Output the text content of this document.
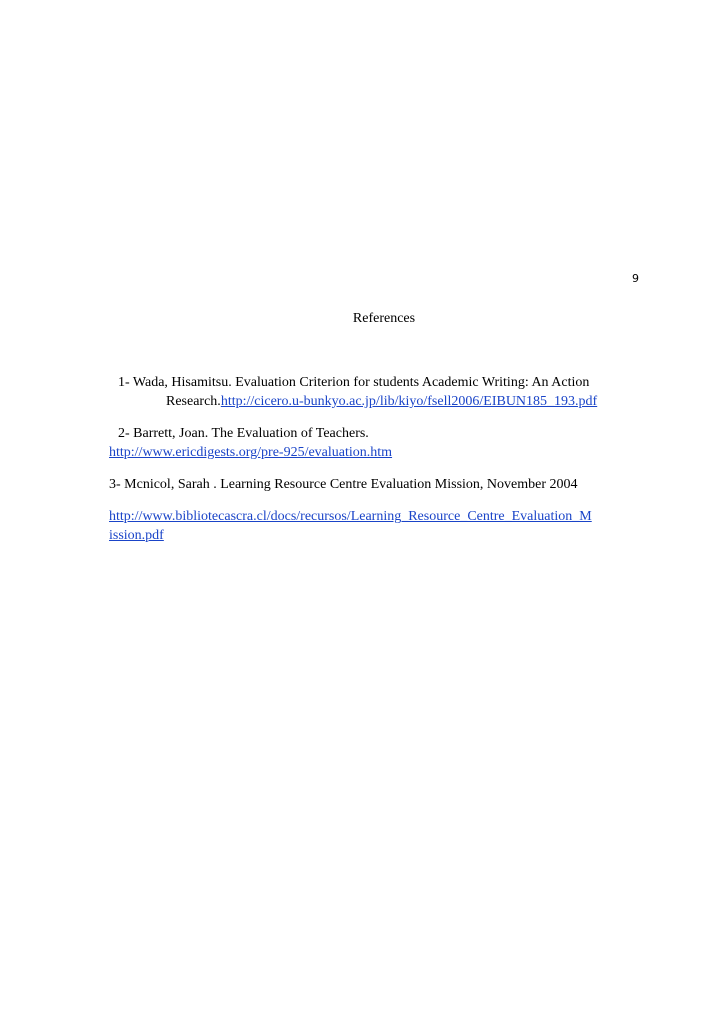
9
References
1- Wada, Hisamitsu. Evaluation Criterion for students Academic Writing: An Action
Research.http://cicero.u-bunkyo.ac.jp/lib/kiyo/fsell2006/EIBUN185_193.pdf
2- Barrett, Joan. The Evaluation of Teachers.
http://www.ericdigests.org/pre-925/evaluation.htm
3- Mcnicol, Sarah . Learning Resource Centre Evaluation Mission, November 2004
http://www.bibliotecascra.cl/docs/recursos/Learning_Resource_Centre_Evaluation_M
ission.pdf
